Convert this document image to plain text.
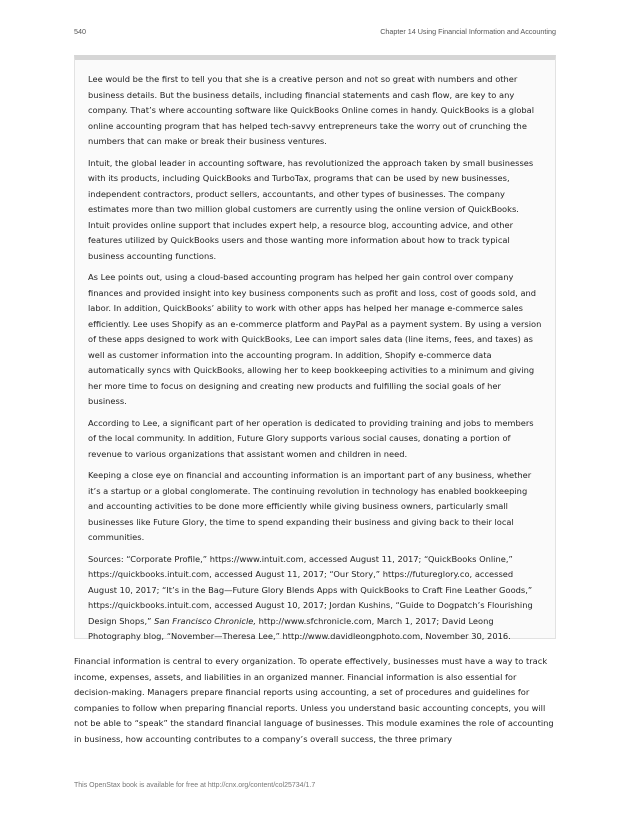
540	Chapter 14 Using Financial Information and Accounting

Lee would be the first to tell you that she is a creative person and not so great with numbers and other business details. But the business details, including financial statements and cash flow, are key to any company. That’s where accounting software like QuickBooks Online comes in handy. QuickBooks is a global online accounting program that has helped tech-savvy entrepreneurs take the worry out of crunching the numbers that can make or break their business ventures.

Intuit, the global leader in accounting software, has revolutionized the approach taken by small businesses with its products, including QuickBooks and TurboTax, programs that can be used by new businesses, independent contractors, product sellers, accountants, and other types of businesses. The company estimates more than two million global customers are currently using the online version of QuickBooks. Intuit provides online support that includes expert help, a resource blog, accounting advice, and other features utilized by QuickBooks users and those wanting more information about how to track typical business accounting functions.

As Lee points out, using a cloud-based accounting program has helped her gain control over company finances and provided insight into key business components such as profit and loss, cost of goods sold, and labor. In addition, QuickBooks’ ability to work with other apps has helped her manage e-commerce sales efficiently. Lee uses Shopify as an e-commerce platform and PayPal as a payment system. By using a version of these apps designed to work with QuickBooks, Lee can import sales data (line items, fees, and taxes) as well as customer information into the accounting program. In addition, Shopify e-commerce data automatically syncs with QuickBooks, allowing her to keep bookkeeping activities to a minimum and giving her more time to focus on designing and creating new products and fulfilling the social goals of her business.

According to Lee, a significant part of her operation is dedicated to providing training and jobs to members of the local community. In addition, Future Glory supports various social causes, donating a portion of revenue to various organizations that assistant women and children in need.

Keeping a close eye on financial and accounting information is an important part of any business, whether it’s a startup or a global conglomerate. The continuing revolution in technology has enabled bookkeeping and accounting activities to be done more efficiently while giving business owners, particularly small businesses like Future Glory, the time to spend expanding their business and giving back to their local communities.

Sources: “Corporate Profile,” https://www.intuit.com, accessed August 11, 2017; “QuickBooks Online,” https://quickbooks.intuit.com, accessed August 11, 2017; “Our Story,” https://futureglory.co, accessed August 10, 2017; “It’s in the Bag—Future Glory Blends Apps with QuickBooks to Craft Fine Leather Goods,” https://quickbooks.intuit.com, accessed August 10, 2017; Jordan Kushins, “Guide to Dogpatch’s Flourishing Design Shops,” San Francisco Chronicle, http://www.sfchronicle.com, March 1, 2017; David Leong Photography blog, “November—Theresa Lee,” http://www.davidleongphoto.com, November 30, 2016.

Financial information is central to every organization. To operate effectively, businesses must have a way to track income, expenses, assets, and liabilities in an organized manner. Financial information is also essential for decision-making. Managers prepare financial reports using accounting, a set of procedures and guidelines for companies to follow when preparing financial reports. Unless you understand basic accounting concepts, you will not be able to “speak” the standard financial language of businesses. This module examines the role of accounting in business, how accounting contributes to a company’s overall success, the three primary

This OpenStax book is available for free at http://cnx.org/content/col25734/1.7
